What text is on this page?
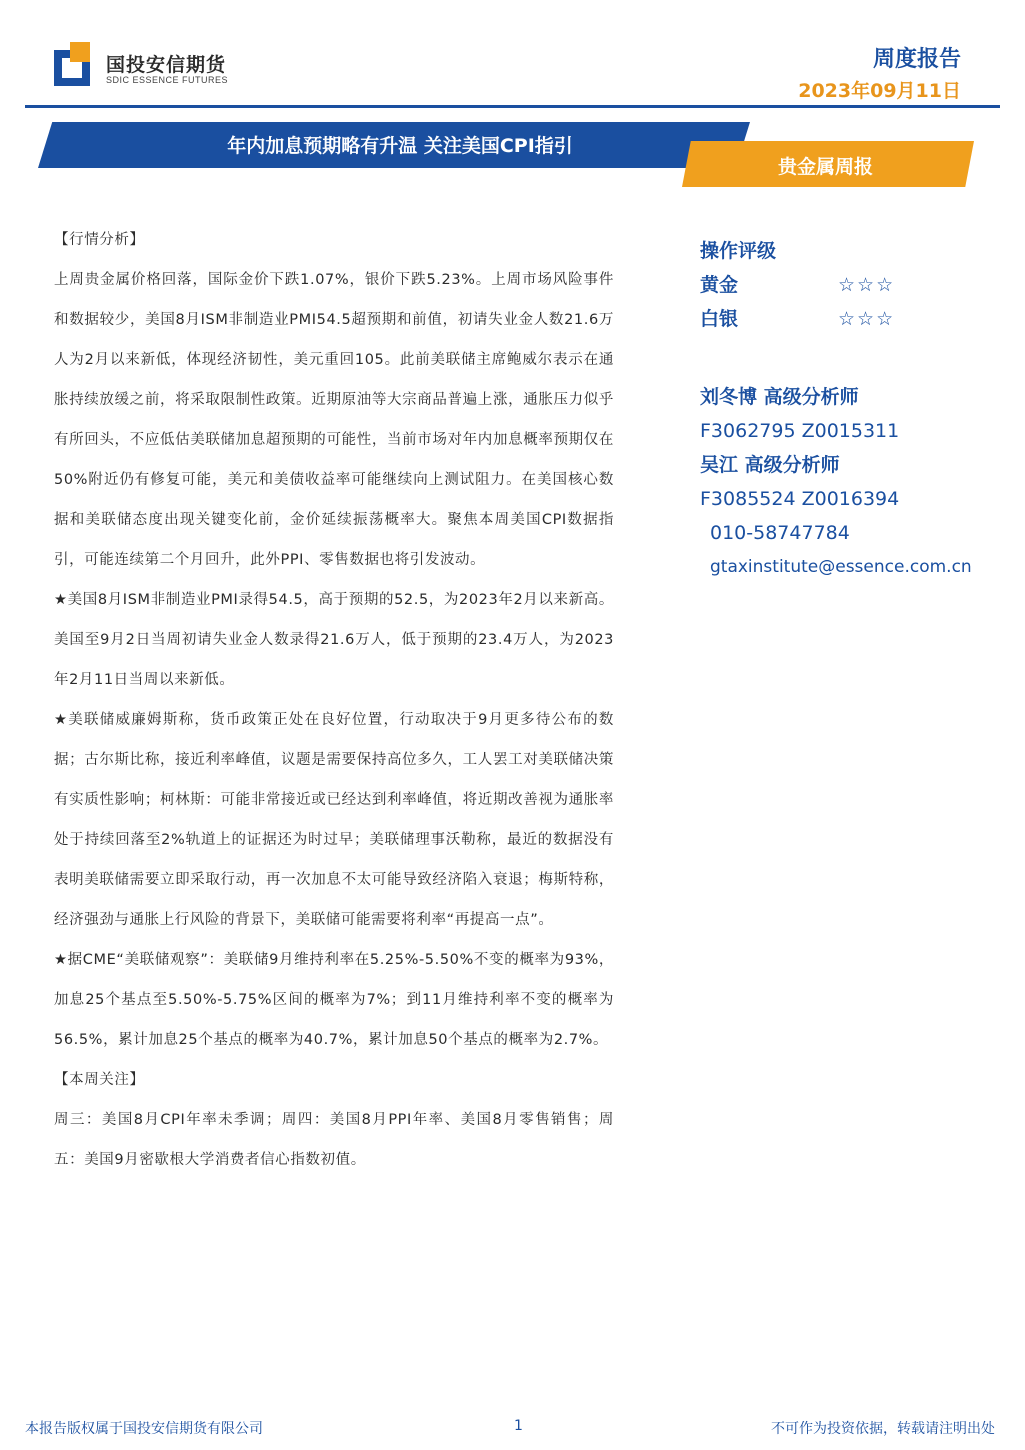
国投安信期货
SDIC ESSENCE FUTURES
周度报告
2023年09月11日
年内加息预期略有升温 关注美国CPI指引
贵金属周报

【行情分析】

上周贵金属价格回落，国际金价下跌1.07%，银价下跌5.23%。上周市场风险事件和数据较少，美国8月ISM非制造业PMI54.5超预期和前值，初请失业金人数21.6万人为2月以来新低，体现经济韧性，美元重回105。此前美联储主席鲍威尔表示在通胀持续放缓之前，将采取限制性政策。近期原油等大宗商品普遍上涨，通胀压力似乎有所回头，不应低估美联储加息超预期的可能性，当前市场对年内加息概率预期仅在50%附近仍有修复可能，美元和美债收益率可能继续向上测试阻力。在美国核心数据和美联储态度出现关键变化前，金价延续振荡概率大。聚焦本周美国CPI数据指引，可能连续第二个月回升，此外PPI、零售数据也将引发波动。

★美国8月ISM非制造业PMI录得54.5，高于预期的52.5，为2023年2月以来新高。美国至9月2日当周初请失业金人数录得21.6万人，低于预期的23.4万人，为2023年2月11日当周以来新低。

★美联储威廉姆斯称，货币政策正处在良好位置，行动取决于9月更多待公布的数据；古尔斯比称，接近利率峰值，议题是需要保持高位多久，工人罢工对美联储决策有实质性影响；柯林斯：可能非常接近或已经达到利率峰值，将近期改善视为通胀率处于持续回落至2%轨道上的证据还为时过早；美联储理事沃勒称，最近的数据没有表明美联储需要立即采取行动，再一次加息不太可能导致经济陷入衰退；梅斯特称，经济强劲与通胀上行风险的背景下，美联储可能需要将利率“再提高一点”。

★据CME“美联储观察”：美联储9月维持利率在5.25%-5.50%不变的概率为93%，加息25个基点至5.50%-5.75%区间的概率为7%；到11月维持利率不变的概率为56.5%，累计加息25个基点的概率为40.7%，累计加息50个基点的概率为2.7%。

【本周关注】

周三：美国8月CPI年率未季调；周四：美国8月PPI年率、美国8月零售销售；周五：美国9月密歇根大学消费者信心指数初值。

操作评级
黄金	☆☆☆
白银	☆☆☆
刘冬博 高级分析师
F3062795 Z0015311
吴江 高级分析师
F3085524 Z0016394
010-58747784
gtaxinstitute@essence.com.cn
本报告版权属于国投安信期货有限公司	1	不可作为投资依据，转载请注明出处
